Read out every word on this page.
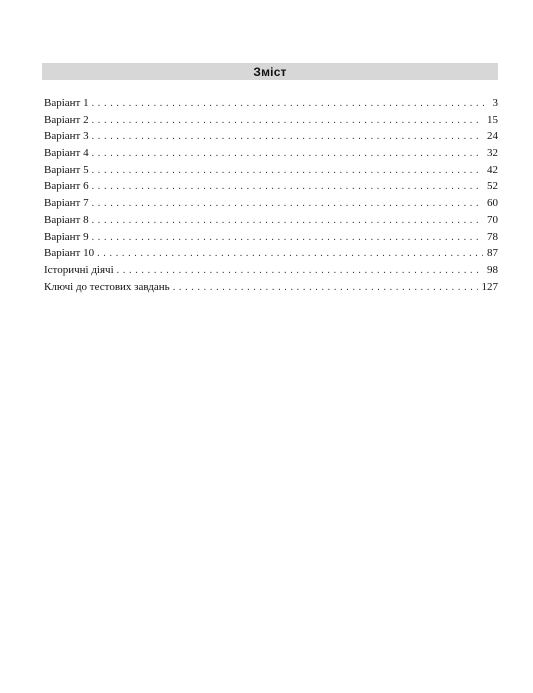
Зміст
Варіант 1 . . .	3
Варіант 2 . . .	15
Варіант 3 . . .	24
Варіант 4 . . .	32
Варіант 5 . . .	42
Варіант 6 . . .	52
Варіант 7 . . .	60
Варіант 8 . . .	70
Варіант 9 . . .	78
Варіант 10 . . .	87
Історичні діячі . . .	98
Ключі до тестових завдань . . .	127
